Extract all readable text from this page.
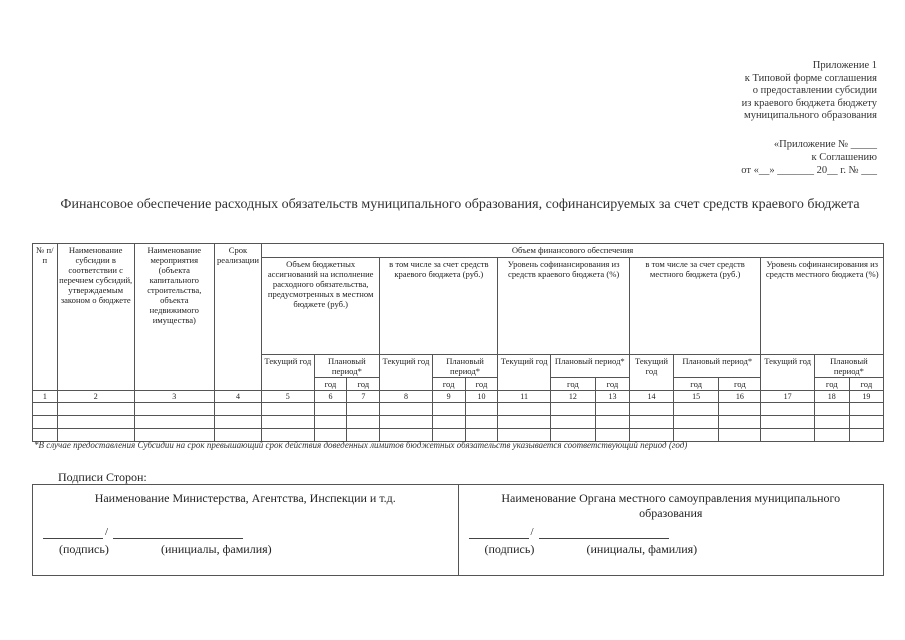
Приложение 1
к Типовой форме соглашения
о предоставлении субсидии
из краевого бюджета бюджету
муниципального образования
«Приложение № _____
к Соглашению
от «__» _______ 20__ г. № ___
Финансовое обеспечение расходных обязательств муниципального образования, софинансируемых за счет средств краевого бюджета
№ п/п	Наименование субсидии в соответствии с перечнем субсидий, утверждаемым законом о бюджете	Наименование мероприятия (объекта капитального строительства, объекта недвижимого имущества)	Срок реализации	Объем финансового обеспечения														
				Объем бюджетных ассигнований на исполнение расходного обязательства, предусмотренных в местном бюджете (руб.)			в том числе за счет средств краевого бюджета (руб.)			Уровень софинансирования из средств краевого бюджета (%)			в том числе за счет средств местного бюджета (руб.)			Уровень софинансирования из средств местного бюджета (%)		
				Текущий год	Плановый период*		Текущий год	Плановый период*		Текущий год	Плановый период*		Текущий год	Плановый период*		Текущий год	Плановый период*	
					год	год		год	год		год	год		год	год		год	год
1	2	3	4	5	6	7	8	9	10	11	12	13	14	15	16	17	18	19

*В случае предоставления Субсидии на срок превышающий срок действия доведенных лимитов бюджетных обязательств указывается соответствующий период (год)
Подписи Сторон:
Наименование Министерства, Агентства, Инспекции и т.д.
/
(подпись)	(инициалы, фамилия)

Наименование Органа местного самоуправления муниципального образования
/
(подпись)	(инициалы, фамилия)
